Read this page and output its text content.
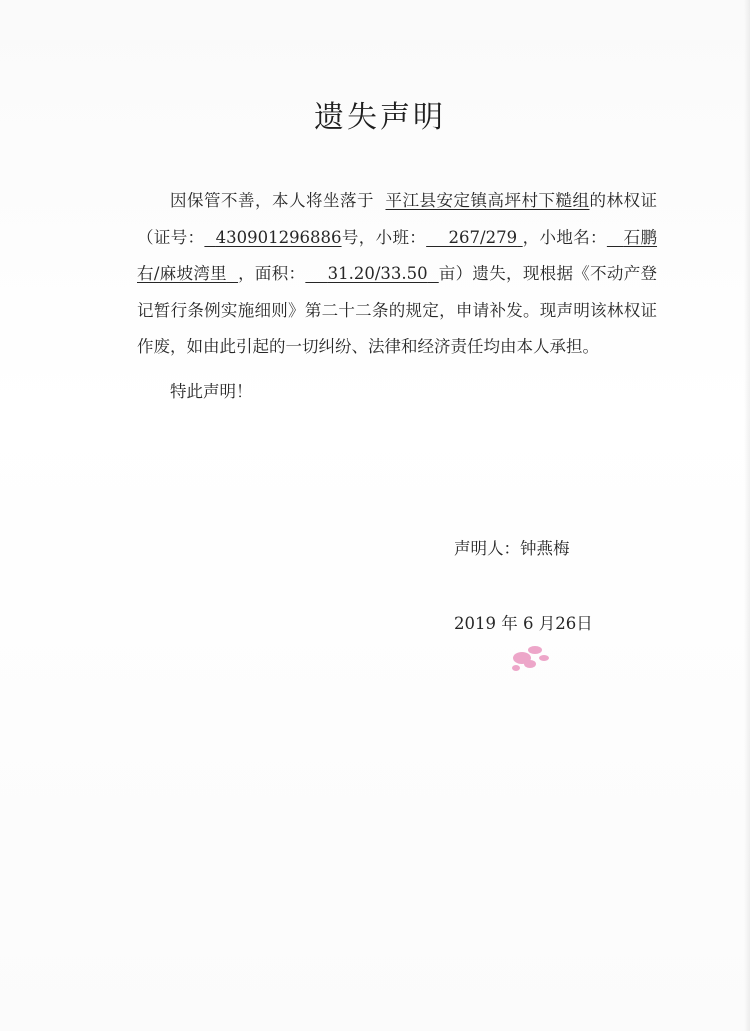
遗失声明

因保管不善，本人将坐落于 平江县安定镇高坪村下糙组的林权证（证号： 430901296886号，小班： 267/279 ，小地名： 石鹏右/麻坡湾里 ，面积： 31.20/33.50 亩）遗失，现根据《不动产登记暂行条例实施细则》第二十二条的规定，申请补发。现声明该林权证作废，如由此引起的一切纠纷、法律和经济责任均由本人承担。

特此声明！
声明人：钟燕梅
2019 年 6 月26日
